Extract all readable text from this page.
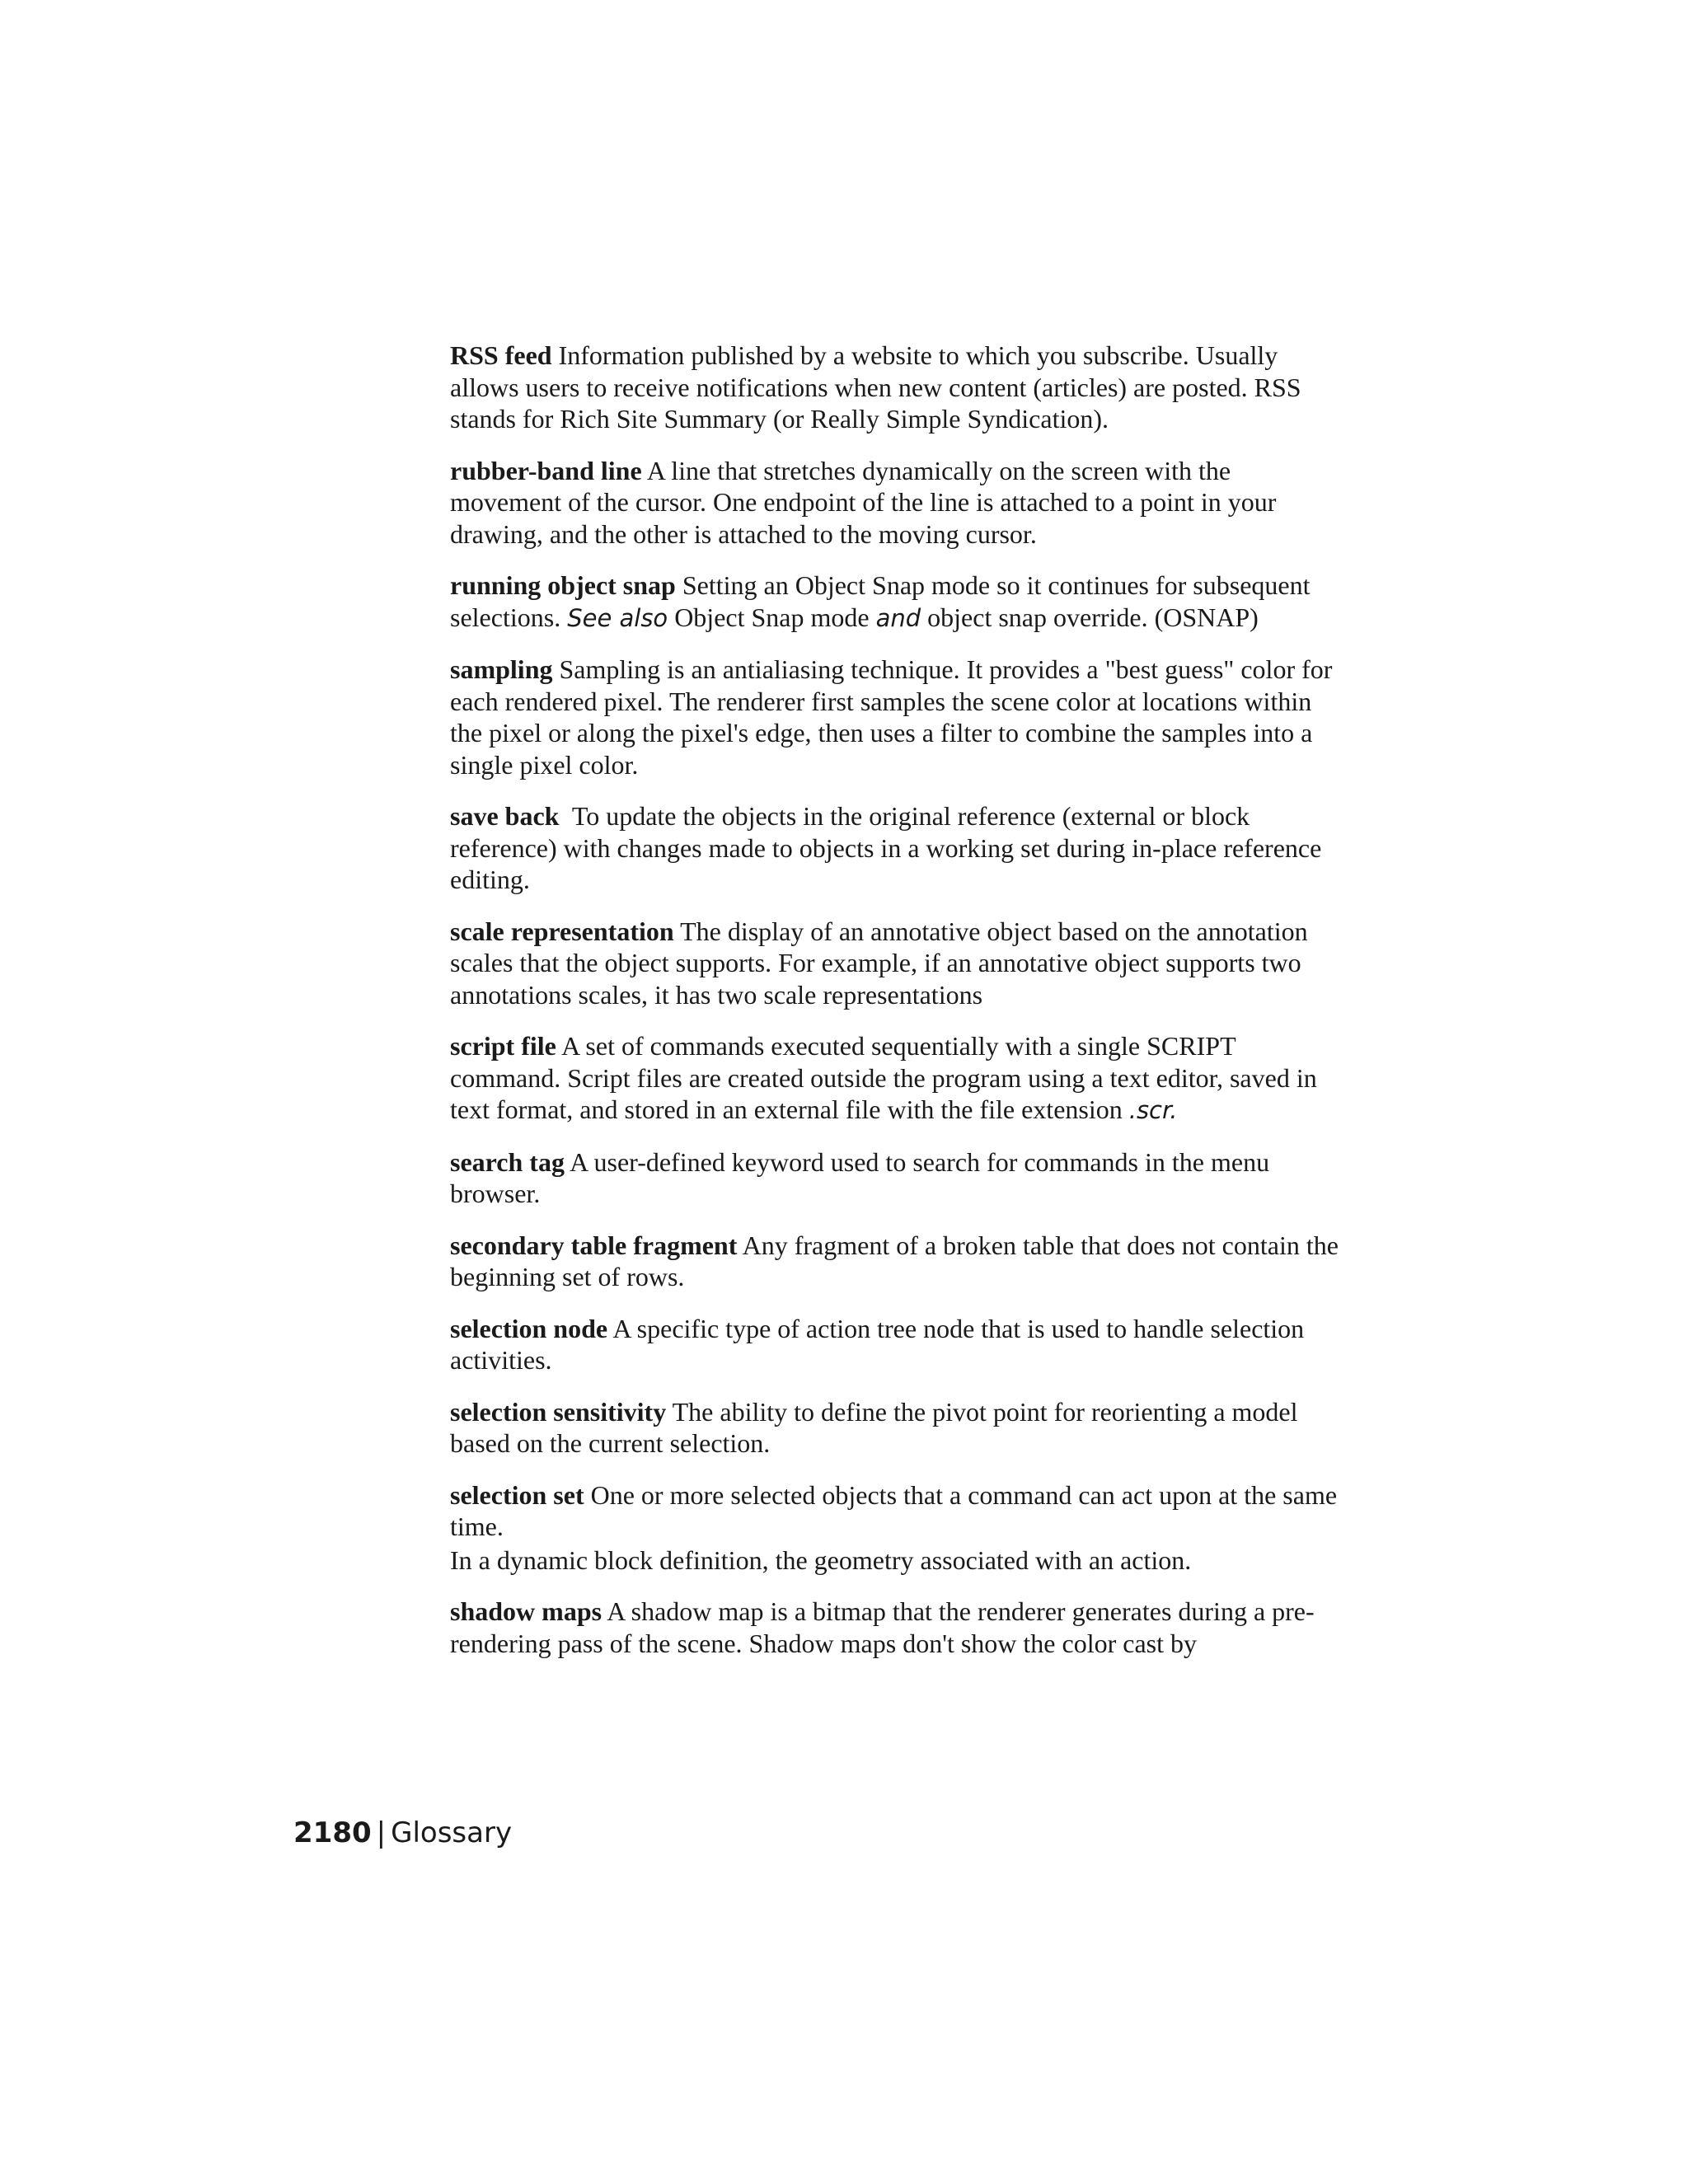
RSS feed Information published by a website to which you subscribe. Usually allows users to receive notifications when new content (articles) are posted. RSS stands for Rich Site Summary (or Really Simple Syndication).

rubber-band line A line that stretches dynamically on the screen with the movement of the cursor. One endpoint of the line is attached to a point in your drawing, and the other is attached to the moving cursor.

running object snap Setting an Object Snap mode so it continues for subsequent selections. See also Object Snap mode and object snap override. (OSNAP)

sampling Sampling is an antialiasing technique. It provides a "best guess" color for each rendered pixel. The renderer first samples the scene color at locations within the pixel or along the pixel's edge, then uses a filter to combine the samples into a single pixel color.

save back To update the objects in the original reference (external or block reference) with changes made to objects in a working set during in-place reference editing.

scale representation The display of an annotative object based on the annotation scales that the object supports. For example, if an annotative object supports two annotations scales, it has two scale representations

script file A set of commands executed sequentially with a single SCRIPT command. Script files are created outside the program using a text editor, saved in text format, and stored in an external file with the file extension .scr.

search tag A user-defined keyword used to search for commands in the menu browser.

secondary table fragment Any fragment of a broken table that does not contain the beginning set of rows.

selection node A specific type of action tree node that is used to handle selection activities.

selection sensitivity The ability to define the pivot point for reorienting a model based on the current selection.

selection set One or more selected objects that a command can act upon at the same time.
In a dynamic block definition, the geometry associated with an action.

shadow maps A shadow map is a bitmap that the renderer generates during a pre-rendering pass of the scene. Shadow maps don't show the color cast by

2180 | Glossary
